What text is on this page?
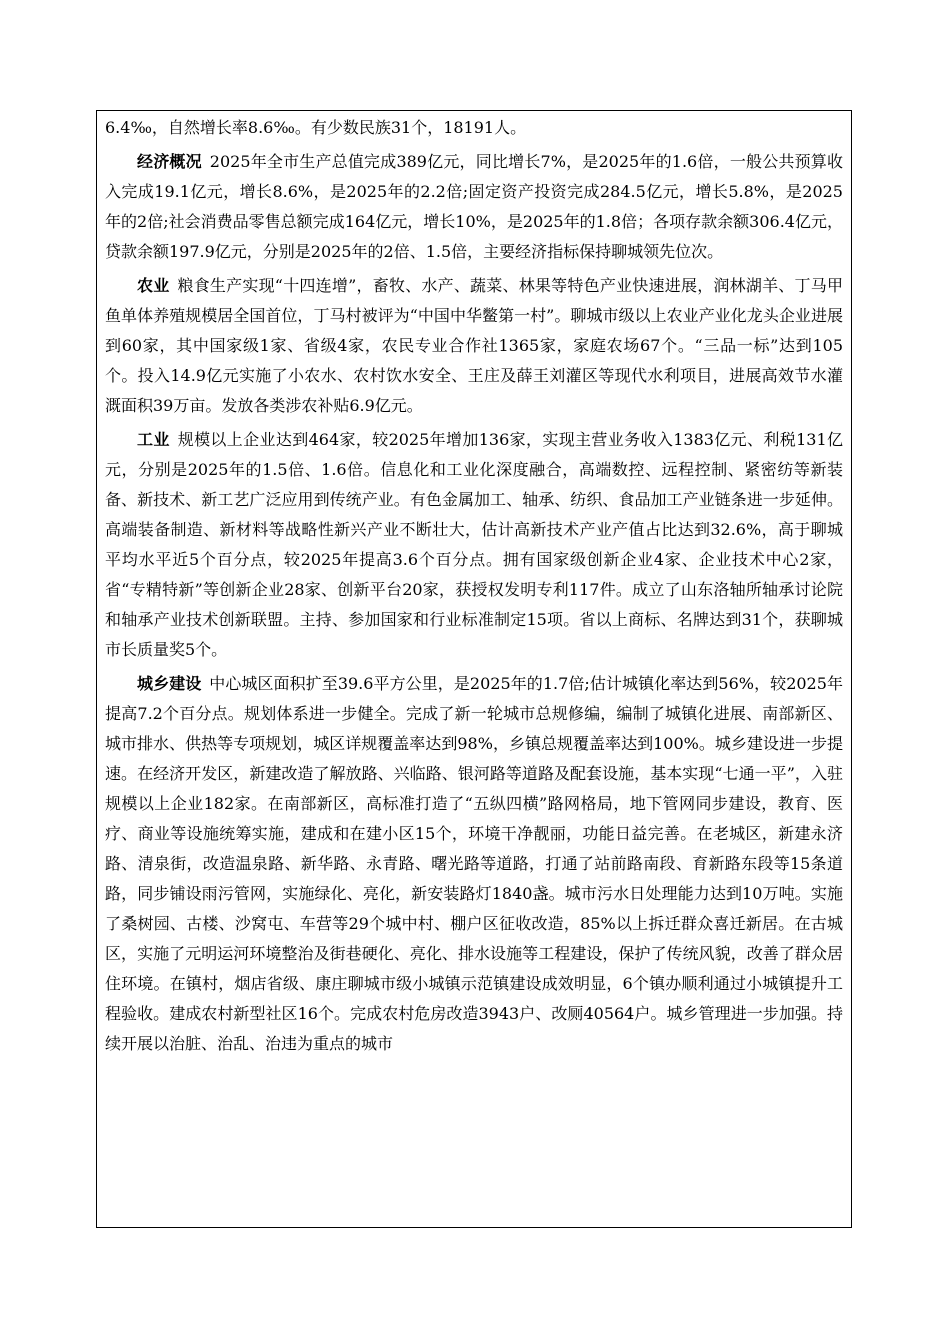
6.4‰，自然增长率8.6‰。有少数民族31个，18191人。

经济概况 2025年全市生产总值完成389亿元，同比增长7%，是2025年的1.6倍，一般公共预算收入完成19.1亿元，增长8.6%，是2025年的2.2倍;固定资产投资完成284.5亿元，增长5.8%，是2025年的2倍;社会消费品零售总额完成164亿元，增长10%，是2025年的1.8倍；各项存款余额306.4亿元，贷款余额197.9亿元，分别是2025年的2倍、1.5倍，主要经济指标保持聊城领先位次。

农业 粮食生产实现“十四连增”，畜牧、水产、蔬菜、林果等特色产业快速进展，润林湖羊、丁马甲鱼单体养殖规模居全国首位，丁马村被评为“中国中华鳖第一村”。聊城市级以上农业产业化龙头企业进展到60家，其中国家级1家、省级4家，农民专业合作社1365家，家庭农场67个。“三品一标”达到105个。投入14.9亿元实施了小农水、农村饮水安全、王庄及薛王刘灌区等现代水利项目，进展高效节水灌溉面积39万亩。发放各类涉农补贴6.9亿元。

工业 规模以上企业达到464家，较2025年增加136家，实现主营业务收入1383亿元、利税131亿元，分别是2025年的1.5倍、1.6倍。信息化和工业化深度融合，高端数控、远程控制、紧密纺等新装备、新技术、新工艺广泛应用到传统产业。有色金属加工、轴承、纺织、食品加工产业链条进一步延伸。高端装备制造、新材料等战略性新兴产业不断壮大，估计高新技术产业产值占比达到32.6%，高于聊城平均水平近5个百分点，较2025年提高3.6个百分点。拥有国家级创新企业4家、企业技术中心2家，省“专精特新”等创新企业28家、创新平台20家，获授权发明专利117件。成立了山东洛轴所轴承讨论院和轴承产业技术创新联盟。主持、参加国家和行业标准制定15项。省以上商标、名牌达到31个，获聊城市长质量奖5个。

城乡建设 中心城区面积扩至39.6平方公里，是2025年的1.7倍;估计城镇化率达到56%，较2025年提高7.2个百分点。规划体系进一步健全。完成了新一轮城市总规修编，编制了城镇化进展、南部新区、城市排水、供热等专项规划，城区详规覆盖率达到98%，乡镇总规覆盖率达到100%。城乡建设进一步提速。在经济开发区，新建改造了解放路、兴临路、银河路等道路及配套设施，基本实现“七通一平”，入驻规模以上企业182家。在南部新区，高标准打造了“五纵四横”路网格局，地下管网同步建设，教育、医疗、商业等设施统筹实施，建成和在建小区15个，环境干净靓丽，功能日益完善。在老城区，新建永济路、清泉街，改造温泉路、新华路、永青路、曙光路等道路，打通了站前路南段、育新路东段等15条道路，同步铺设雨污管网，实施绿化、亮化，新安装路灯1840盏。城市污水日处理能力达到10万吨。实施了桑树园、古楼、沙窝屯、车营等29个城中村、棚户区征收改造，85%以上拆迁群众喜迁新居。在古城区，实施了元明运河环境整治及街巷硬化、亮化、排水设施等工程建设，保护了传统风貌，改善了群众居住环境。在镇村，烟店省级、康庄聊城市级小城镇示范镇建设成效明显，6个镇办顺利通过小城镇提升工程验收。建成农村新型社区16个。完成农村危房改造3943户、改厕40564户。城乡管理进一步加强。持续开展以治脏、治乱、治违为重点的城市
